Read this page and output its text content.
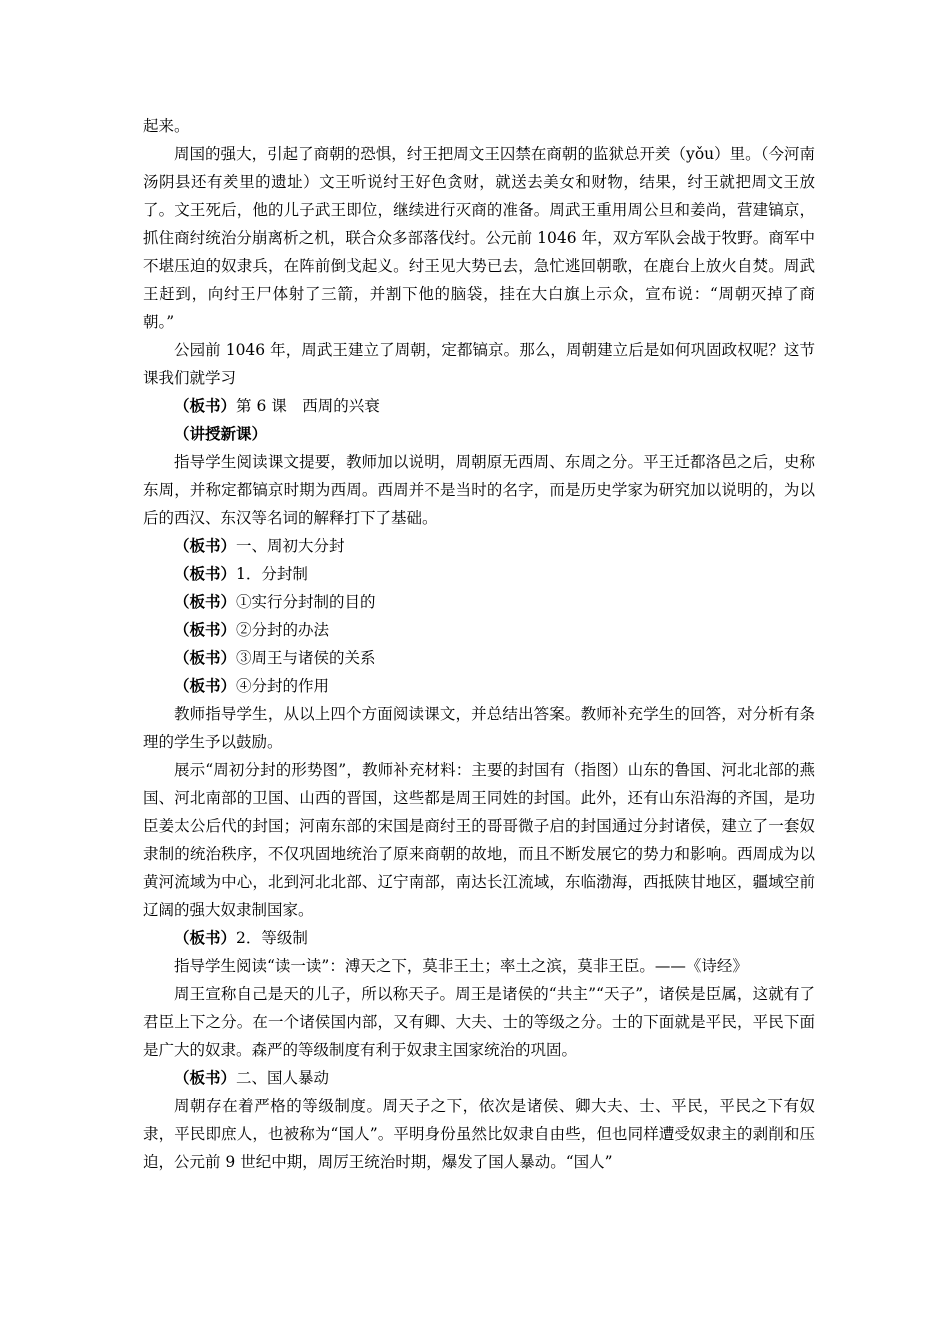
起来。

周国的强大，引起了商朝的恐惧，纣王把周文王囚禁在商朝的监狱总开羑（yǒu）里。（今河南汤阴县还有羑里的遗址）文王听说纣王好色贪财，就送去美女和财物，结果，纣王就把周文王放了。文王死后，他的儿子武王即位，继续进行灭商的准备。周武王重用周公旦和姜尚，营建镐京，抓住商纣统治分崩离析之机，联合众多部落伐纣。公元前 1046 年，双方军队会战于牧野。商军中不堪压迫的奴隶兵，在阵前倒戈起义。纣王见大势已去，急忙逃回朝歌，在鹿台上放火自焚。周武王赶到，向纣王尸体射了三箭，并割下他的脑袋，挂在大白旗上示众，宣布说：“周朝灭掉了商朝。”

公园前 1046 年，周武王建立了周朝，定都镐京。那么，周朝建立后是如何巩固政权呢？这节课我们就学习

（板书）第 6 课　西周的兴衰

（讲授新课）

指导学生阅读课文提要，教师加以说明，周朝原无西周、东周之分。平王迁都洛邑之后，史称东周，并称定都镐京时期为西周。西周并不是当时的名字，而是历史学家为研究加以说明的，为以后的西汉、东汉等名词的解释打下了基础。

（板书）一、周初大分封

（板书）1．分封制

（板书）①实行分封制的目的

（板书）②分封的办法

（板书）③周王与诸侯的关系

（板书）④分封的作用

教师指导学生，从以上四个方面阅读课文，并总结出答案。教师补充学生的回答，对分析有条理的学生予以鼓励。

展示“周初分封的形势图”，教师补充材料：主要的封国有（指图）山东的鲁国、河北北部的燕国、河北南部的卫国、山西的晋国，这些都是周王同姓的封国。此外，还有山东沿海的齐国，是功臣姜太公后代的封国；河南东部的宋国是商纣王的哥哥微子启的封国通过分封诸侯，建立了一套奴隶制的统治秩序，不仅巩固地统治了原来商朝的故地，而且不断发展它的势力和影响。西周成为以黄河流域为中心，北到河北北部、辽宁南部，南达长江流域，东临渤海，西抵陕甘地区，疆域空前辽阔的强大奴隶制国家。

（板书）2．等级制

指导学生阅读“读一读”：溥天之下，莫非王土；率土之滨，莫非王臣。——《诗经》

周王宣称自己是天的儿子，所以称天子。周王是诸侯的“共主”“天子”，诸侯是臣属，这就有了君臣上下之分。在一个诸侯国内部，又有卿、大夫、士的等级之分。士的下面就是平民，平民下面是广大的奴隶。森严的等级制度有利于奴隶主国家统治的巩固。

（板书）二、国人暴动

周朝存在着严格的等级制度。周天子之下，依次是诸侯、卿大夫、士、平民，平民之下有奴隶，平民即庶人，也被称为“国人”。平明身份虽然比奴隶自由些，但也同样遭受奴隶主的剥削和压迫，公元前 9 世纪中期，周厉王统治时期，爆发了国人暴动。“国人”
